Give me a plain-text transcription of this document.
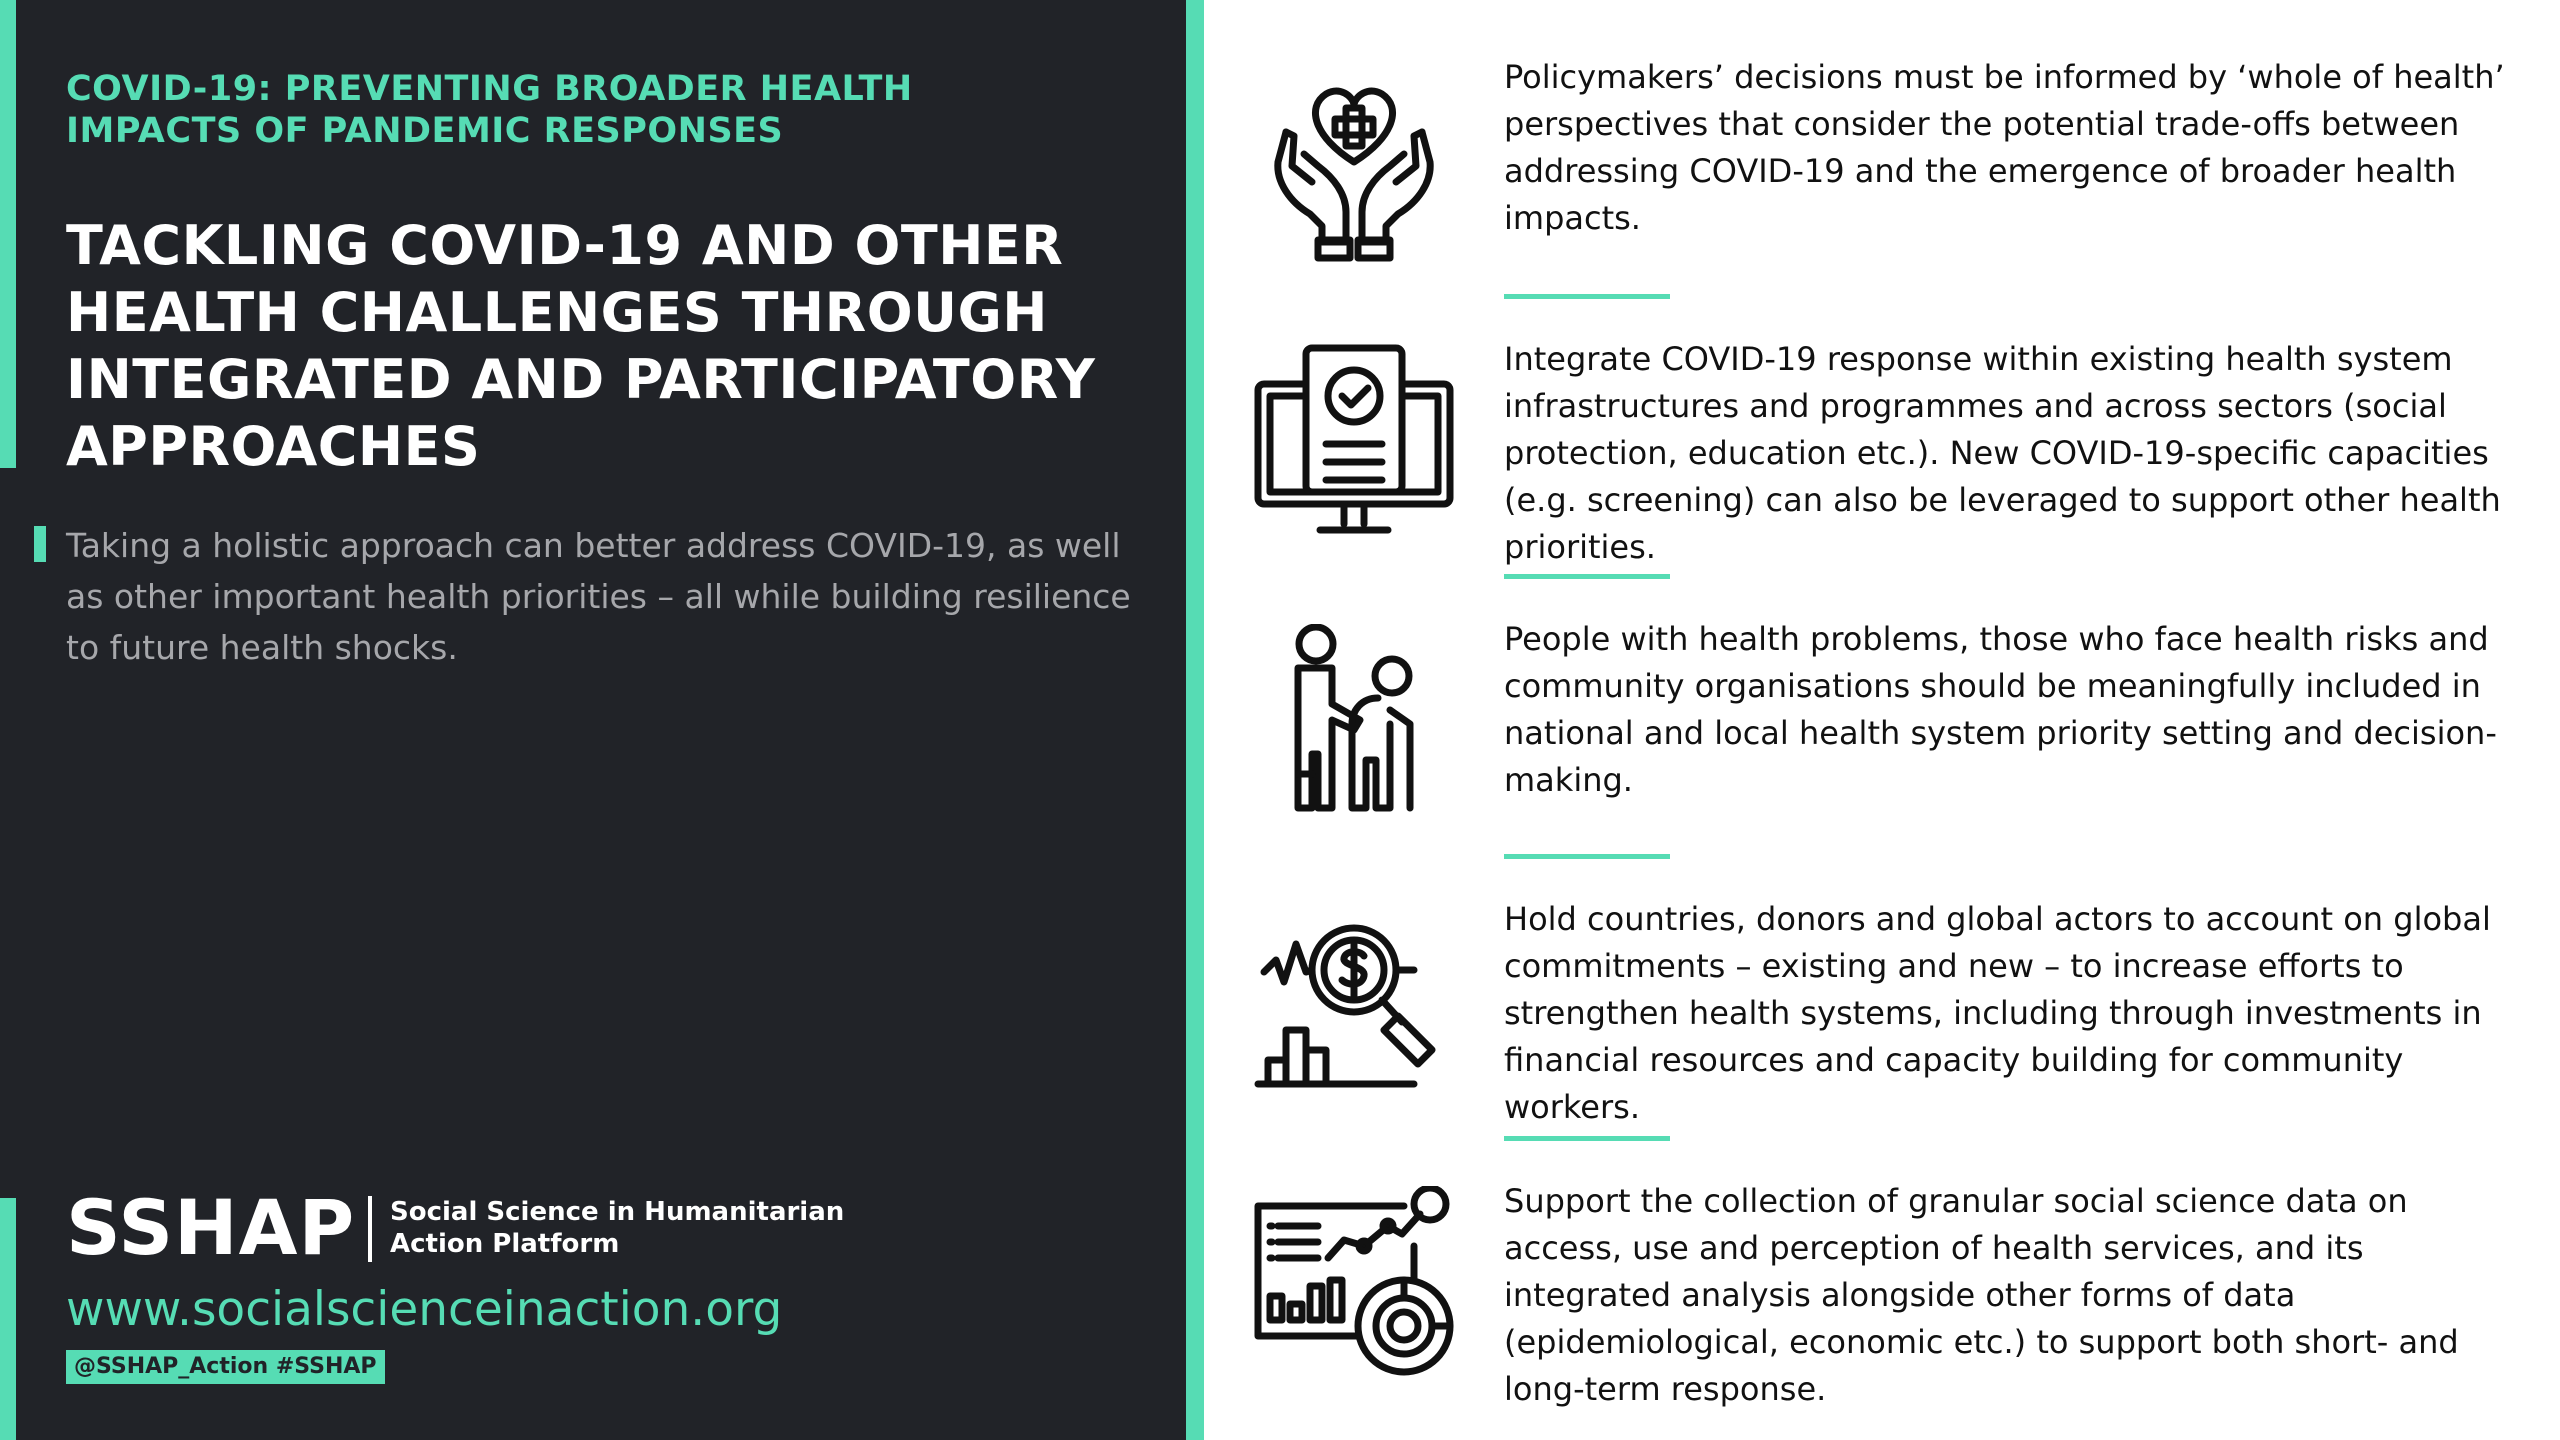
COVID-19: PREVENTING BROADER HEALTH IMPACTS OF PANDEMIC RESPONSES
TACKLING COVID-19 AND OTHER HEALTH CHALLENGES THROUGH INTEGRATED AND PARTICIPATORY APPROACHES
Taking a holistic approach can better address COVID-19, as well as other important health priorities – all while building resilience to future health shocks.
SSHAP Social Science in Humanitarian Action Platform
www.socialscienceinaction.org
@SSHAP_Action #SSHAP
Policymakers’ decisions must be informed by ‘whole of health’ perspectives that consider the potential trade-offs between addressing COVID-19 and the emergence of broader health impacts.
Integrate COVID-19 response within existing health system infrastructures and programmes and across sectors (social protection, education etc.). New COVID-19-specific capacities (e.g. screening) can also be leveraged to support other health priorities.
People with health problems, those who face health risks and community organisations should be meaningfully included in national and local health system priority setting and decision-making.
Hold countries, donors and global actors to account on global commitments – existing and new – to increase efforts to strengthen health systems, including through investments in financial resources and capacity building for community workers.
Support the collection of granular social science data on access, use and perception of health services, and its integrated analysis alongside other forms of data (epidemiological, economic etc.) to support both short- and long-term response.
